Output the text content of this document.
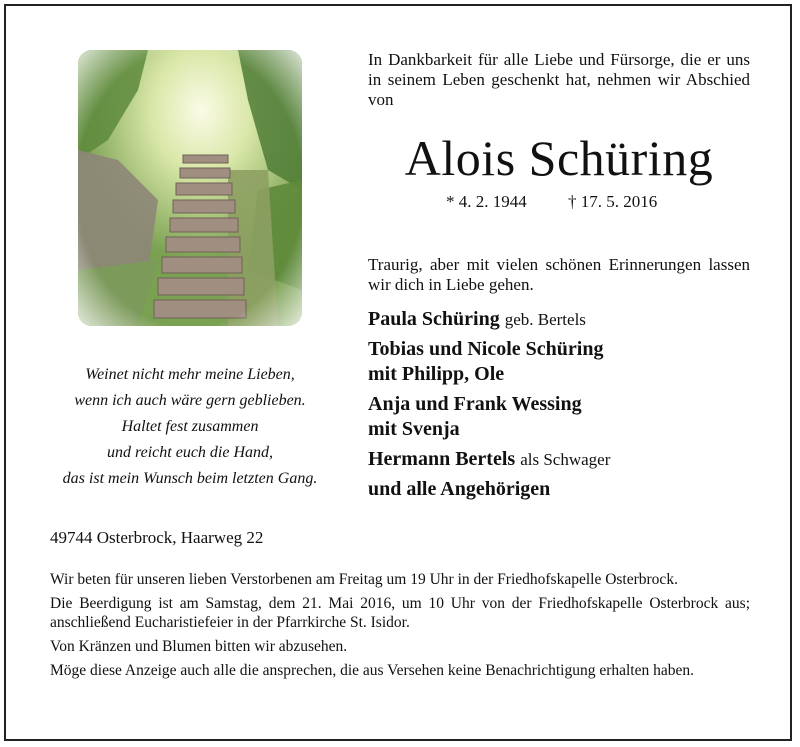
In Dankbarkeit für alle Liebe und Fürsorge, die er uns in seinem Leben geschenkt hat, nehmen wir Abschied von
Alois Schüring
* 4. 2. 1944 † 17. 5. 2016
Traurig, aber mit vielen schönen Erinnerungen lassen wir dich in Liebe gehen.
Paula Schüring geb. Bertels
Tobias und Nicole Schüring
mit Philipp, Ole
Anja und Frank Wessing
mit Svenja
Hermann Bertels als Schwager
und alle Angehörigen
Weinet nicht mehr meine Lieben,
wenn ich auch wäre gern geblieben.
Haltet fest zusammen
und reicht euch die Hand,
das ist mein Wunsch beim letzten Gang.
49744 Osterbrock, Haarweg 22

Wir beten für unseren lieben Verstorbenen am Freitag um 19 Uhr in der Friedhofskapelle Osterbrock.

Die Beerdigung ist am Samstag, dem 21. Mai 2016, um 10 Uhr von der Friedhofskapelle Osterbrock aus; anschließend Eucharistiefeier in der Pfarrkirche St. Isidor.

Von Kränzen und Blumen bitten wir abzusehen.

Möge diese Anzeige auch alle die ansprechen, die aus Versehen keine Benachrichtigung erhalten haben.
